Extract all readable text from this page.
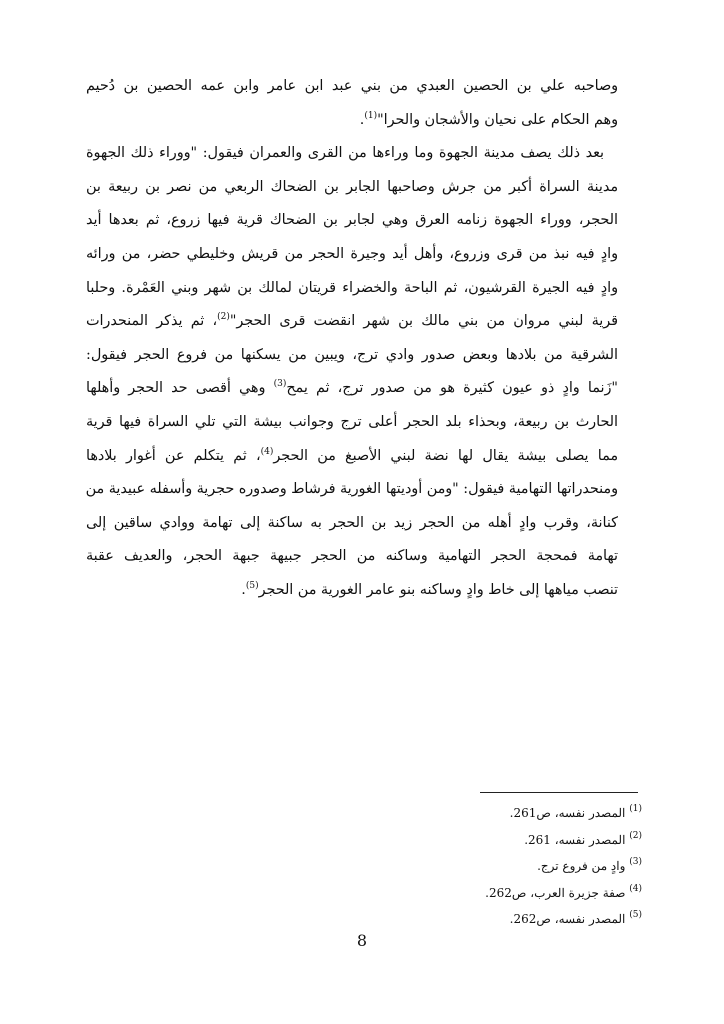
وصاحبه علي بن الحصين العبدي من بني عبد ابن عامر وابن عمه الحصين بن دُحيم
وهم الحكام على نحيان والأشجان والحرا"$^{(1)}$.
بعد ذلك يصف مدينة الجهوة وما وراءها من القرى والعمران فيقول: "ووراء ذلك الجهوة
مدينة السراة أكبر من جرش وصاحبها الجابر بن الضحاك الربعي من نصر بن ربيعة بن
الحجر، ووراء الجهوة زنامه العرق وهي لجابر بن الضحاك قرية فيها زروع، ثم بعدها أيد
وادٍ فيه نبذ من قرى وزروع، وأهل أيد وجيرة الحجر من قريش وخليطي حضر، من ورائه
وادٍ فيه الجيرة القرشيون، ثم الباحة والخضراء قريتان لمالك بن شهر وبني العَمْرة. وحلبا
قرية لبني مروان من بني مالك بن شهر انقضت قرى الحجر"$^{(2)}$، ثم يذكر المنحدرات
الشرقية من بلادها وبعض صدور وادي ترج، ويبين من يسكنها من فروع الحجر فيقول:
"زَنما وادٍ ذو عيون كثيرة هو من صدور ترج، ثم يمح$^{(3)}$ وهي أقصى حد الحجر وأهلها
الحارث بن ربيعة، وبحذاء بلد الحجر أعلى ترج وجوانب بيشة التي تلي السراة فيها قرية
مما يصلى بيشة يقال لها نضة لبني الأصبغ من الحجر$^{(4)}$، ثم يتكلم عن أغوار بلادها
ومنحدراتها التهامية فيقول: "ومن أوديتها الغورية فرشاط وصدوره حجرية وأسفله عبيدية من
كنانة، وقرب وادٍ أهله من الحجر زيد بن الحجر به ساكنة إلى تهامة ووادي ساقين إلى
تهامة فمحجة الحجر التهامية وساكنه من الحجر جبيهة جبهة الحجر، والعديف عقبة
تنصب مياهها إلى خاط وادٍ وساكنه بنو عامر الغورية من الحجر$^{(5)}$.
$^{(1)}$ المصدر نفسه، ص261.
$^{(2)}$ المصدر نفسه، 261.
$^{(3)}$ وادٍ من فروع ترج.
$^{(4)}$ صفة جزيرة العرب، ص262.
$^{(5)}$ المصدر نفسه، ص262.
8
